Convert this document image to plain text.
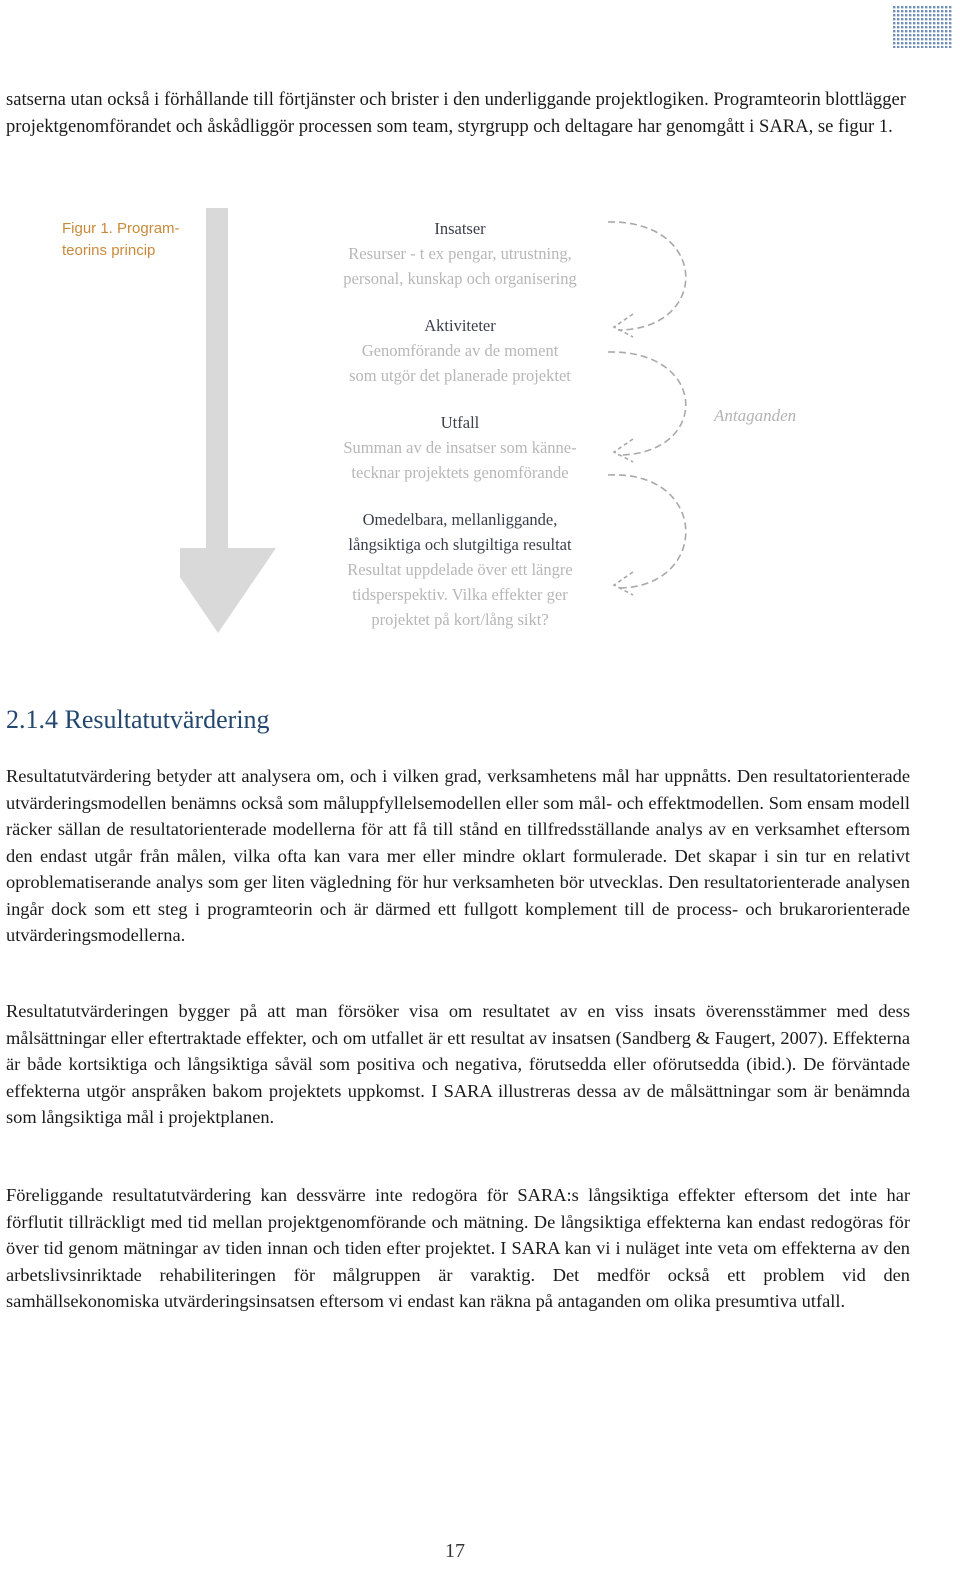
satserna utan också i förhållande till förtjänster och brister i den underliggande projektlogiken. Programteorin blottlägger projektgenomförandet och åskådliggör processen som team, styrgrupp och deltagare har genomgått i SARA, se figur 1.

Figur 1. Program-
teorins princip

Insatser
Resurser - t ex pengar, utrustning,
personal, kunskap och organisering
Aktiviteter
Genomförande av de moment
som utgör det planerade projektet
Utfall
Summan av de insatser som känne-
tecknar projektets genomförande
Omedelbara, mellanliggande,
långsiktiga och slutgiltiga resultat
Resultat uppdelade över ett längre
tidsperspektiv. Vilka effekter ger
projektet på kort/lång sikt?
Antaganden
2.1.4 Resultatutvärdering

Resultatutvärdering betyder att analysera om, och i vilken grad, verksamhetens mål har uppnåtts. Den resultatorienterade utvärderingsmodellen benämns också som måluppfyllelsemodellen eller som mål- och effektmodellen. Som ensam modell räcker sällan de resultatorienterade modellerna för att få till stånd en tillfredsställande analys av en verksamhet eftersom den endast utgår från målen, vilka ofta kan vara mer eller mindre oklart formulerade. Det skapar i sin tur en relativt oproblematiserande analys som ger liten vägledning för hur verksamheten bör utvecklas. Den resultatorienterade analysen ingår dock som ett steg i programteorin och är därmed ett fullgott komplement till de process- och brukarorienterade utvärderingsmodellerna.

Resultatutvärderingen bygger på att man försöker visa om resultatet av en viss insats överensstämmer med dess målsättningar eller eftertraktade effekter, och om utfallet är ett resultat av insatsen (Sandberg & Faugert, 2007). Effekterna är både kortsiktiga och långsiktiga såväl som positiva och negativa, förutsedda eller oförutsedda (ibid.). De förväntade effekterna utgör anspråken bakom projektets uppkomst. I SARA illustreras dessa av de målsättningar som är benämnda som långsiktiga mål i projektplanen.

Föreliggande resultatutvärdering kan dessvärre inte redogöra för SARA:s långsiktiga effekter eftersom det inte har förflutit tillräckligt med tid mellan projektgenomförande och mätning. De långsiktiga effekterna kan endast redogöras för över tid genom mätningar av tiden innan och tiden efter projektet. I SARA kan vi i nuläget inte veta om effekterna av den arbetslivsinriktade rehabiliteringen för målgruppen är varaktig. Det medför också ett problem vid den samhällsekonomiska utvärderingsinsatsen eftersom vi endast kan räkna på antaganden om olika presumtiva utfall.

17
